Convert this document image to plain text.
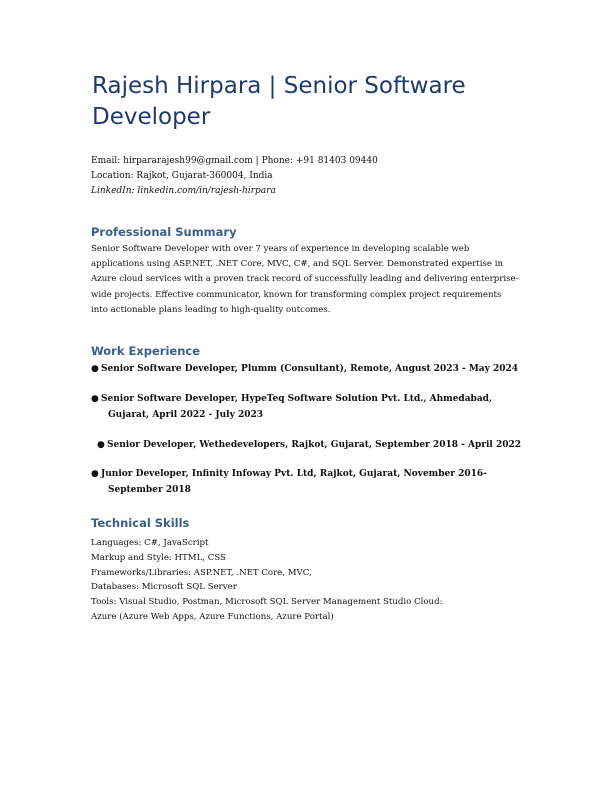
Rajesh Hirpara | Senior Software Developer
Email: hirpararajesh99@gmail.com | Phone: +91 81403 09440
Location: Rajkot, Gujarat-360004, India
LinkedIn: linkedin.com/in/rajesh-hirpara
Professional Summary

Senior Software Developer with over 7 years of experience in developing scalable web applications using ASP.NET, .NET Core, MVC, C#, and SQL Server. Demonstrated expertise in Azure cloud services with a proven track record of successfully leading and delivering enterprise-wide projects. Effective communicator, known for transforming complex project requirements into actionable plans leading to high-quality outcomes.

Work Experience
● Senior Software Developer, Plumm (Consultant), Remote, August 2023 - May 2024
● Senior Software Developer, HypeTeq Software Solution Pvt. Ltd., Ahmedabad,
Gujarat, April 2022 - July 2023
● Senior Developer, Wethedevelopers, Rajkot, Gujarat, September 2018 - April 2022
● Junior Developer, Infinity Infoway Pvt. Ltd, Rajkot, Gujarat, November 2016-
September 2018
Technical Skills
Languages: C#, JavaScript
Markup and Style: HTML, CSS
Frameworks/Libraries: ASP.NET, .NET Core, MVC,
Databases: Microsoft SQL Server
Tools: Visual Studio, Postman, Microsoft SQL Server Management Studio Cloud:
Azure (Azure Web Apps, Azure Functions, Azure Portal)
